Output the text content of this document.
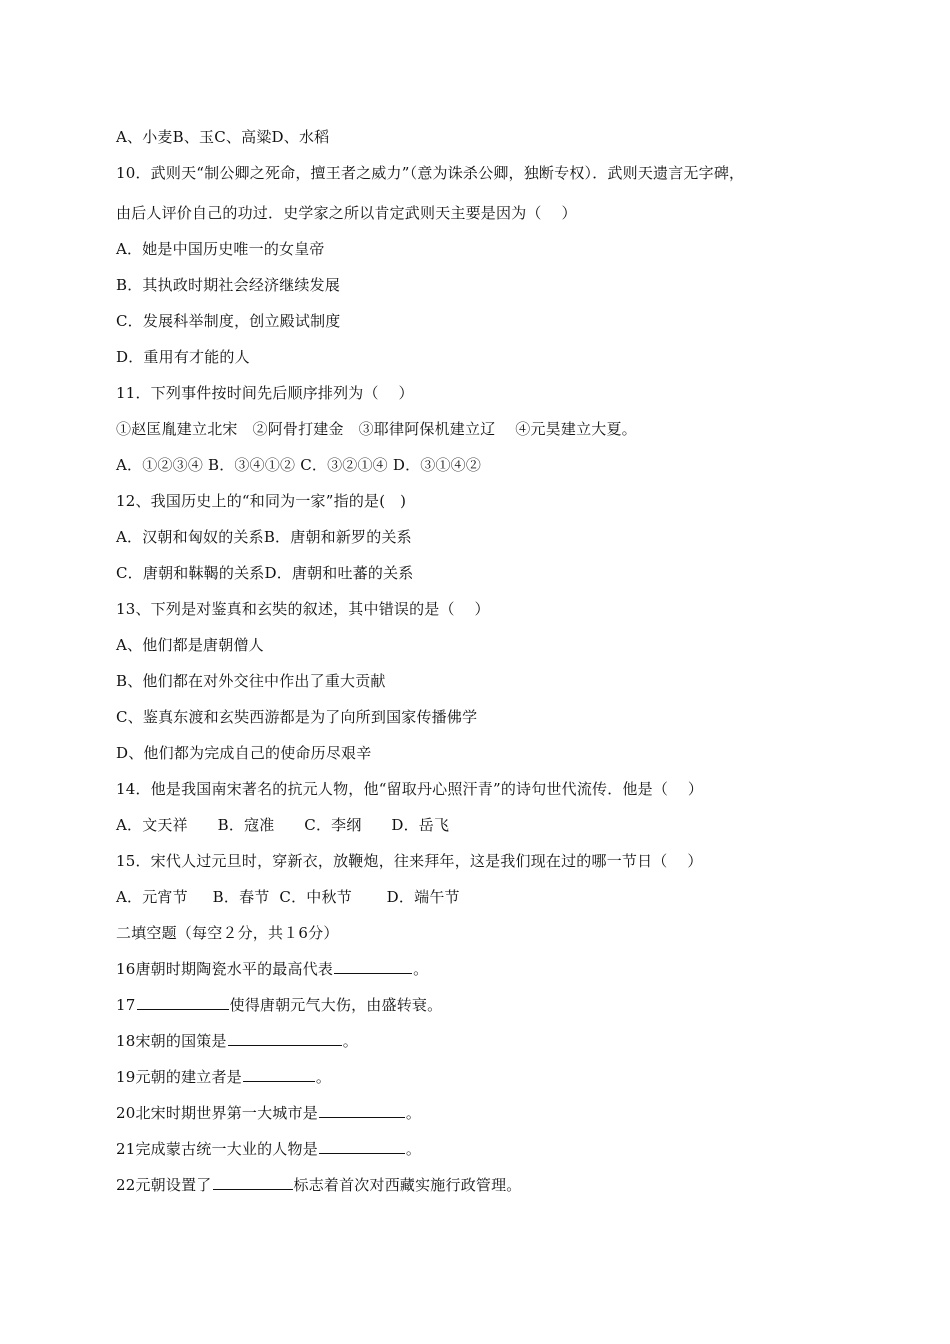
A、小麦B、玉C、高粱D、水稻
10．武则天“制公卿之死命，擅王者之威力”（意为诛杀公卿，独断专权）．武则天遗言无字碑，
由后人评价自己的功过．史学家之所以肯定武则天主要是因为（    ）
A．她是中国历史唯一的女皇帝
B．其执政时期社会经济继续发展
C．发展科举制度，创立殿试制度
D．重用有才能的人
11．下列事件按时间先后顺序排列为（    ）
①赵匡胤建立北宋   ②阿骨打建金   ③耶律阿保机建立辽    ④元昊建立大夏。
A．①②③④ B．③④①② C．③②①④ D．③①④②
12、我国历史上的“和同为一家”指的是(   )
A．汉朝和匈奴的关系B．唐朝和新罗的关系
C．唐朝和靺鞨的关系D．唐朝和吐蕃的关系
13、下列是对鉴真和玄奘的叙述，其中错误的是（    ）
A、他们都是唐朝僧人
B、他们都在对外交往中作出了重大贡献
C、鉴真东渡和玄奘西游都是为了向所到国家传播佛学
D、他们都为完成自己的使命历尽艰辛
14．他是我国南宋著名的抗元人物，他“留取丹心照汗青”的诗句世代流传．他是（    ）
A．文天祥      B．寇准      C．李纲      D．岳飞
15．宋代人过元旦时，穿新衣，放鞭炮，往来拜年，这是我们现在过的哪一节日（    ）
A．元宵节     B．春节  C．中秋节       D．端午节
二填空题（每空２分，共１6分）
16唐朝时期陶瓷水平的最高代表	。
17	使得唐朝元气大伤，由盛转衰。
18宋朝的国策是	。
19元朝的建立者是	。
20北宋时期世界第一大城市是	。
21完成蒙古统一大业的人物是	。
22元朝设置了	标志着首次对西藏实施行政管理。
